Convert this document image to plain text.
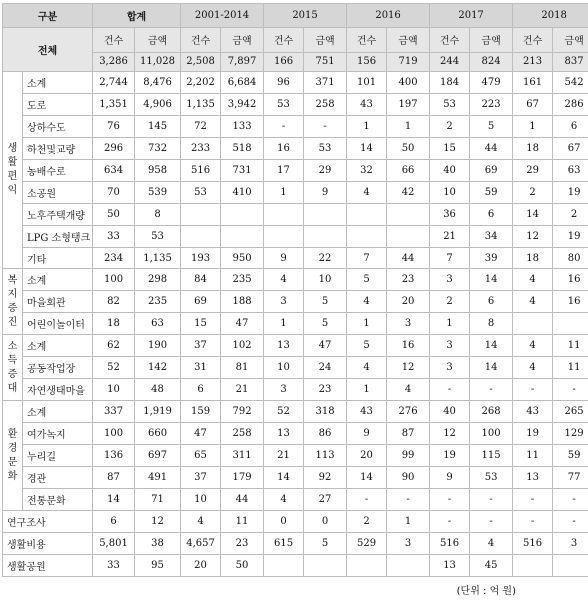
구분		합계		2001-2014		2015		2016		2017		2018	
전체		건수	금액	건수	금액	건수	금액	건수	금액	건수	금액	건수	금액
		3,286	11,028	2,508	7,897	166	751	156	719	244	824	213	837

생
활
편
익	소계	2,744	8,476	2,202	6,684	96	371	101	400	184	479	161	542
	도로	1,351	4,906	1,135	3,942	53	258	43	197	53	223	67	286
	상하수도	76	145	72	133	-	-	1	1	2	5	1	6
	하천및교량	296	732	233	518	16	53	14	50	15	44	18	67
	농배수로	634	958	516	731	17	29	32	66	40	69	29	63
	소공원	70	539	53	410	1	9	4	42	10	59	2	19
	노후주택개량	50	8							36	6	14	2
	LPG 소형탱크	33	53							21	34	12	19
	기타	234	1,135	193	950	9	22	7	44	7	39	18	80

복
지
증
진	소계	100	298	84	235	4	10	5	23	3	14	4	16
	마을회관	82	235	69	188	3	5	4	20	2	6	4	16
	어린이놀이터	18	63	15	47	1	5	1	3	1	8		

소
득
증
대	소계	62	190	37	102	13	47	5	16	3	14	4	11
	공동작업장	52	142	31	81	10	24	4	12	3	14	4	11
	자연생태마을	10	48	6	21	3	23	1	4	-	-	-	-

환
경
문
화	소계	337	1,919	159	792	52	318	43	276	40	268	43	265
	여가녹지	100	660	47	258	13	86	9	87	12	100	19	129
	누리길	136	697	65	311	21	113	20	99	19	115	11	59
	경관	87	491	37	179	14	92	14	90	9	53	13	77
	전통문화	14	71	10	44	4	27	-	-	-	-	-	-
연구조사		6	12	4	11	0	0	2	1	-	-	-	-
생활비용		5,801	38	4,657	23	615	5	529	3	516	4	516	3
생활공원		33	95	20	50					13	45		
(단위 : 억 원)
